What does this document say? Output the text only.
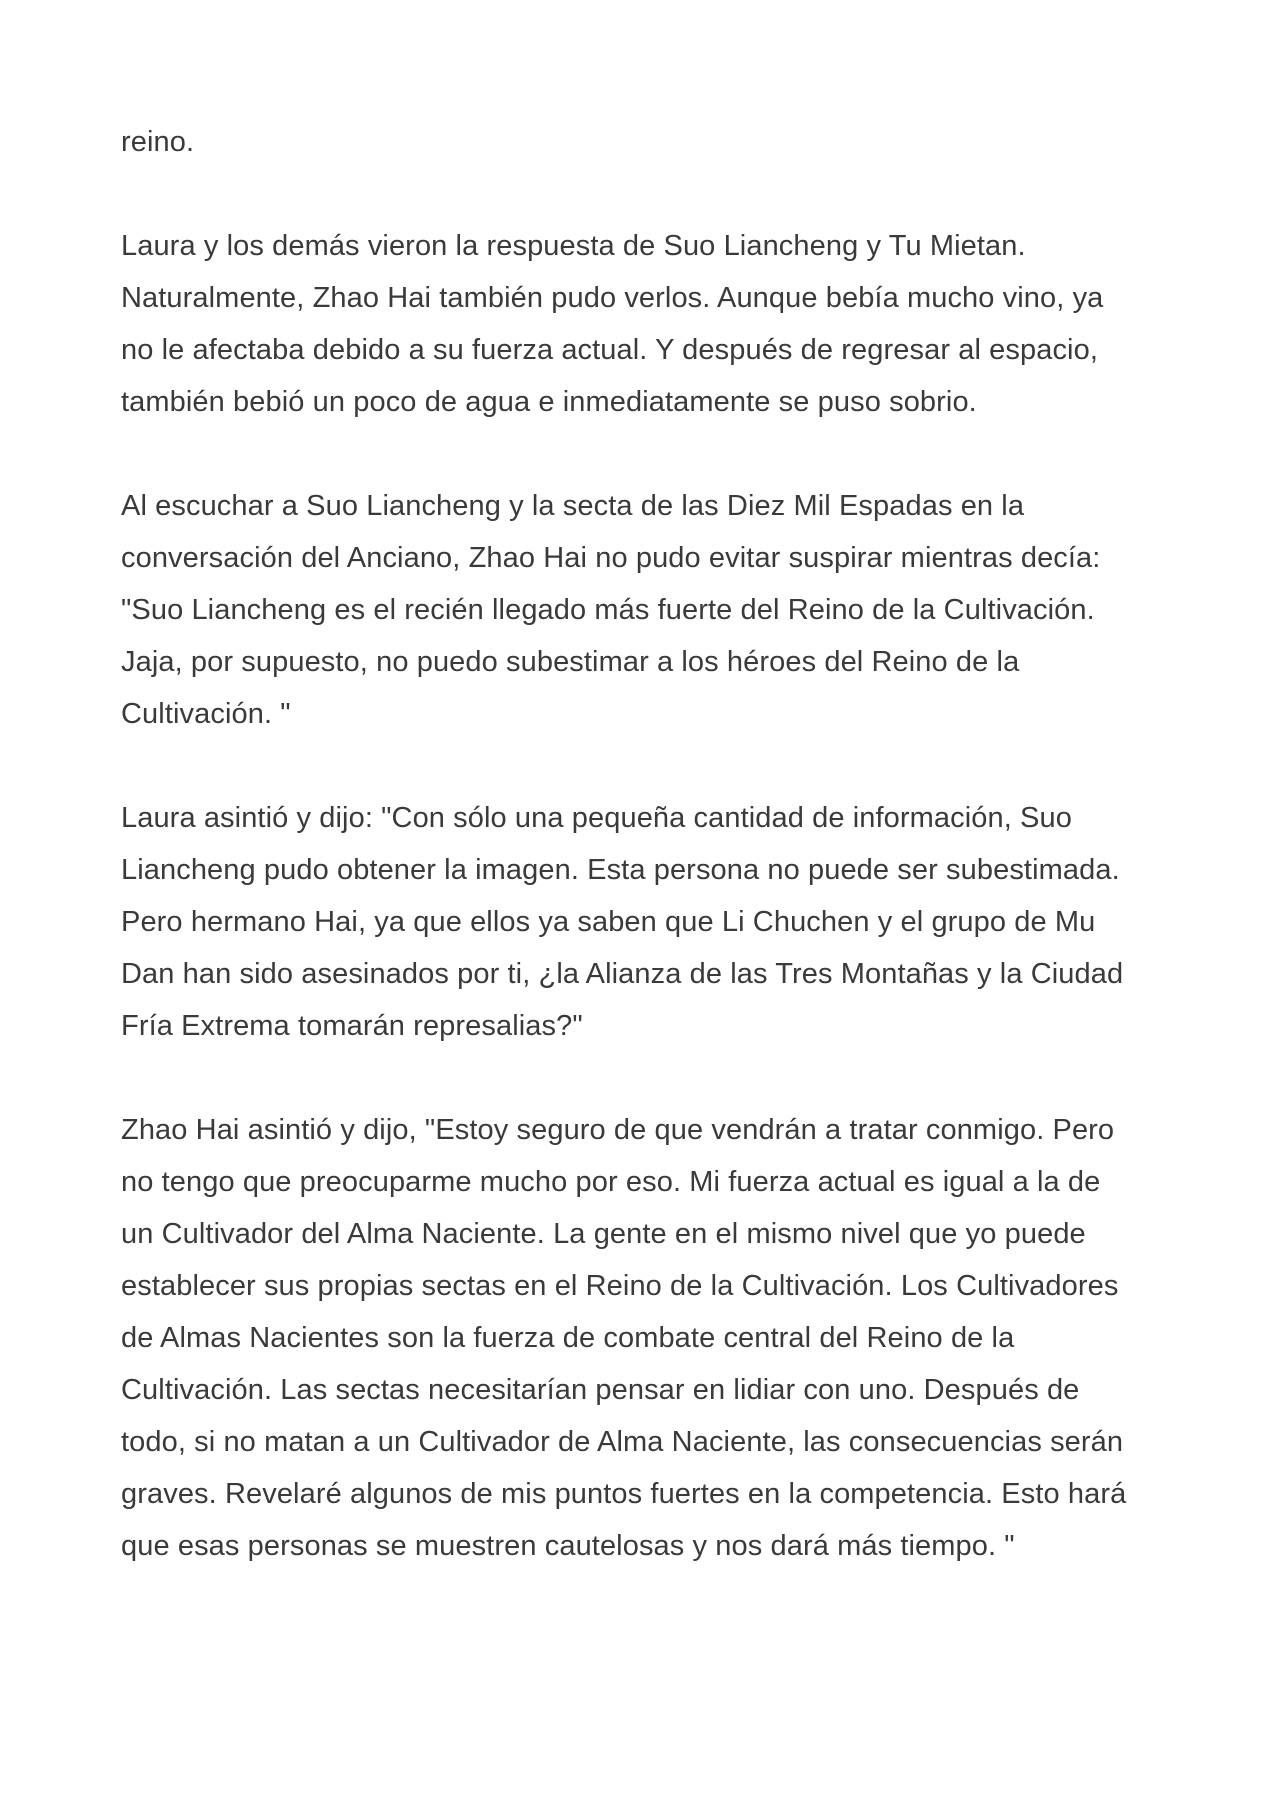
reino.

Laura y los demás vieron la respuesta de Suo Liancheng y Tu Mietan.
Naturalmente, Zhao Hai también pudo verlos. Aunque bebía mucho vino, ya
no le afectaba debido a su fuerza actual. Y después de regresar al espacio,
también bebió un poco de agua e inmediatamente se puso sobrio.

Al escuchar a Suo Liancheng y la secta de las Diez Mil Espadas en la
conversación del Anciano, Zhao Hai no pudo evitar suspirar mientras decía:
"Suo Liancheng es el recién llegado más fuerte del Reino de la Cultivación.
Jaja, por supuesto, no puedo subestimar a los héroes del Reino de la
Cultivación. "

Laura asintió y dijo: "Con sólo una pequeña cantidad de información, Suo
Liancheng pudo obtener la imagen. Esta persona no puede ser subestimada.
Pero hermano Hai, ya que ellos ya saben que Li Chuchen y el grupo de Mu
Dan han sido asesinados por ti, ¿la Alianza de las Tres Montañas y la Ciudad
Fría Extrema tomarán represalias?"

Zhao Hai asintió y dijo, "Estoy seguro de que vendrán a tratar conmigo. Pero
no tengo que preocuparme mucho por eso. Mi fuerza actual es igual a la de
un Cultivador del Alma Naciente. La gente en el mismo nivel que yo puede
establecer sus propias sectas en el Reino de la Cultivación. Los Cultivadores
de Almas Nacientes son la fuerza de combate central del Reino de la
Cultivación. Las sectas necesitarían pensar en lidiar con uno. Después de
todo, si no matan a un Cultivador de Alma Naciente, las consecuencias serán
graves. Revelaré algunos de mis puntos fuertes en la competencia. Esto hará
que esas personas se muestren cautelosas y nos dará más tiempo. "
